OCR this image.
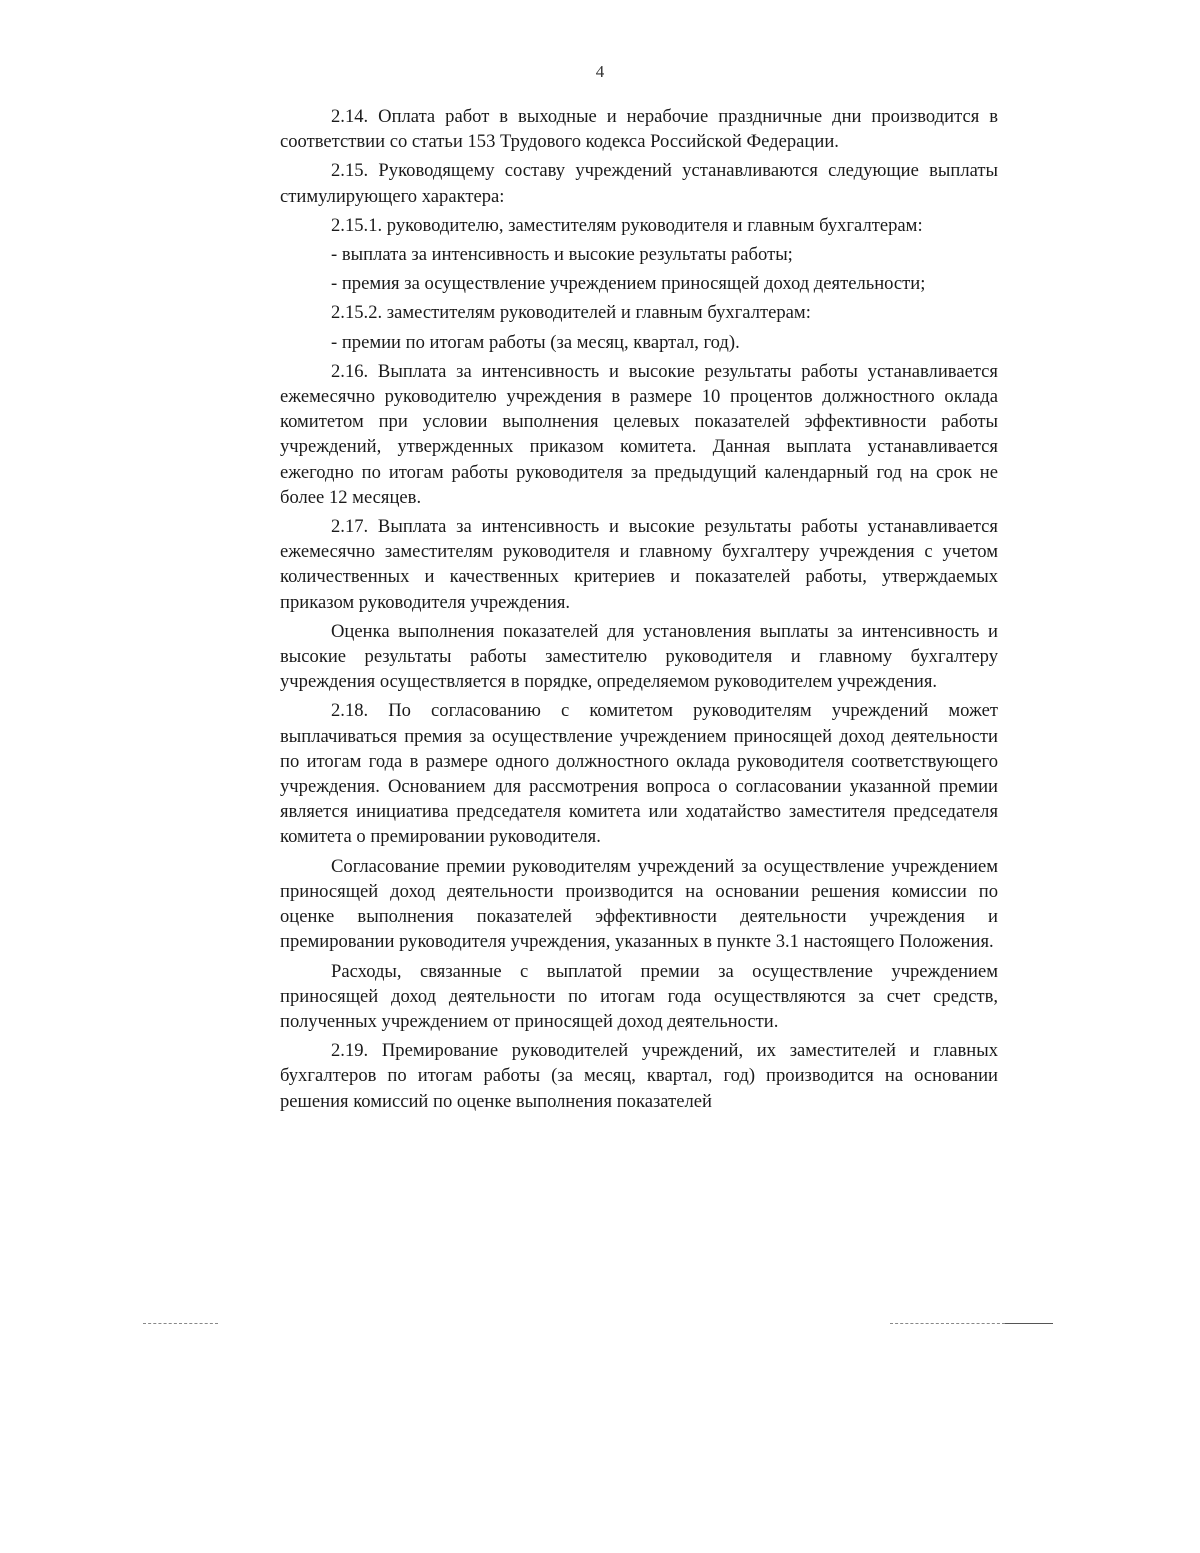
4

2.14. Оплата работ в выходные и нерабочие праздничные дни производится в соответствии со статьи 153 Трудового кодекса Российской Федерации.

2.15. Руководящему составу учреждений устанавливаются следующие выплаты стимулирующего характера:

2.15.1. руководителю, заместителям руководителя и главным бухгалтерам:

- выплата за интенсивность и высокие результаты работы;

- премия за осуществление учреждением приносящей доход деятельности;

2.15.2. заместителям руководителей и главным бухгалтерам:

- премии по итогам работы (за месяц, квартал, год).

2.16. Выплата за интенсивность и высокие результаты работы устанавливается ежемесячно руководителю учреждения в размере 10 процентов должностного оклада комитетом при условии выполнения целевых показателей эффективности работы учреждений, утвержденных приказом комитета. Данная выплата устанавливается ежегодно по итогам работы руководителя за предыдущий календарный год на срок не более 12 месяцев.

2.17. Выплата за интенсивность и высокие результаты работы устанавливается ежемесячно заместителям руководителя и главному бухгалтеру учреждения с учетом количественных и качественных критериев и показателей работы, утверждаемых приказом руководителя учреждения.

Оценка выполнения показателей для установления выплаты за интенсивность и высокие результаты работы заместителю руководителя и главному бухгалтеру учреждения осуществляется в порядке, определяемом руководителем учреждения.

2.18. По согласованию с комитетом руководителям учреждений может выплачиваться премия за осуществление учреждением приносящей доход деятельности по итогам года в размере одного должностного оклада руководителя соответствующего учреждения. Основанием для рассмотрения вопроса о согласовании указанной премии является инициатива председателя комитета или ходатайство заместителя председателя комитета о премировании руководителя.

Согласование премии руководителям учреждений за осуществление учреждением приносящей доход деятельности производится на основании решения комиссии по оценке выполнения показателей эффективности деятельности учреждения и премировании руководителя учреждения, указанных в пункте 3.1 настоящего Положения.

Расходы, связанные с выплатой премии за осуществление учреждением приносящей доход деятельности по итогам года осуществляются за счет средств, полученных учреждением от приносящей доход деятельности.

2.19. Премирование руководителей учреждений, их заместителей и главных бухгалтеров по итогам работы (за месяц, квартал, год) производится на основании решения комиссий по оценке выполнения показателей
